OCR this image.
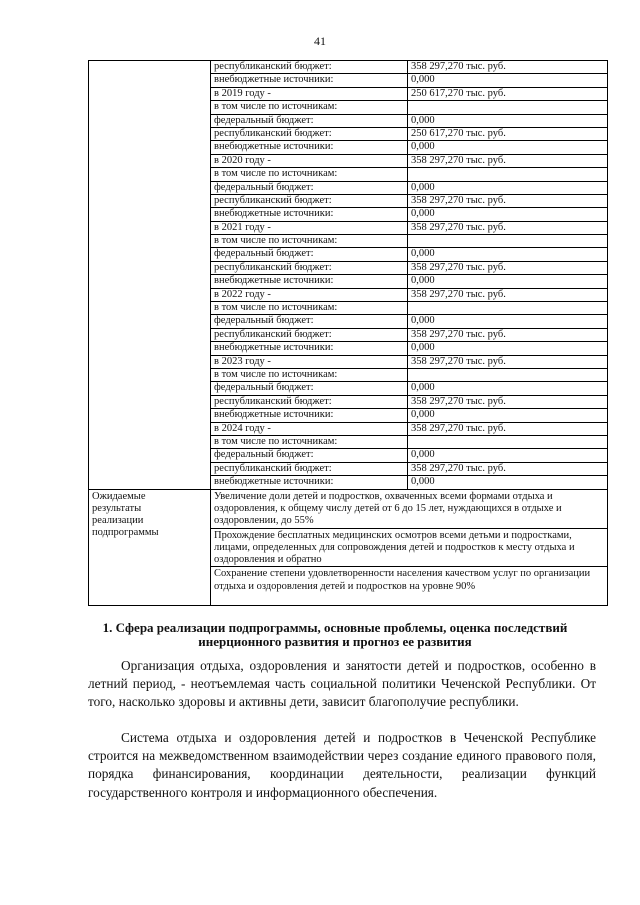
41
	республиканский бюджет:	358 297,270 тыс. руб.
	внебюджетные источники:	0,000
	в 2019 году -	250 617,270 тыс. руб.
	в том числе по источникам:	
	федеральный бюджет:	0,000
	республиканский бюджет:	250 617,270 тыс. руб.
	внебюджетные источники:	0,000
	в 2020 году -	358 297,270 тыс. руб.
	в том числе по источникам:	
	федеральный бюджет:	0,000
	республиканский бюджет:	358 297,270 тыс. руб.
	внебюджетные источники:	0,000
	в 2021 году -	358 297,270 тыс. руб.
	в том числе по источникам:	
	федеральный бюджет:	0,000
	республиканский бюджет:	358 297,270 тыс. руб.
	внебюджетные источники:	0,000
	в 2022 году -	358 297,270 тыс. руб.
	в том числе по источникам:	
	федеральный бюджет:	0,000
	республиканский бюджет:	358 297,270 тыс. руб.
	внебюджетные источники:	0,000
	в 2023 году -	358 297,270 тыс. руб.
	в том числе по источникам:	
	федеральный бюджет:	0,000
	республиканский бюджет:	358 297,270 тыс. руб.
	внебюджетные источники:	0,000
	в 2024 году -	358 297,270 тыс. руб.
	в том числе по источникам:	
	федеральный бюджет:	0,000
	республиканский бюджет:	358 297,270 тыс. руб.
	внебюджетные источники:	0,000
Ожидаемые результаты реализации подпрограммы	Увеличение доли детей и подростков, охваченных всеми формами отдыха и оздоровления, к общему числу детей от 6 до 15 лет, нуждающихся в отдыхе и оздоровлении, до 55%	
	Прохождение бесплатных медицинских осмотров всеми детьми и подростками, лицами, определенных для сопровождения детей и подростков к месту отдыха и оздоровления и обратно	
	Сохранение степени удовлетворенности населения качеством услуг по организации отдыха и оздоровления детей и подростков на уровне 90%	
1. Сфера реализации подпрограммы, основные проблемы, оценка последствий инерционного развития и прогноз ее развития

Организация отдыха, оздоровления и занятости детей и подростков, особенно в летний период, - неотъемлемая часть социальной политики Чеченской Республики. От того, насколько здоровы и активны дети, зависит благополучие республики.

Система отдыха и оздоровления детей и подростков в Чеченской Республике строится на межведомственном взаимодействии через создание единого правового поля, порядка финансирования, координации деятельности, реализации функций государственного контроля и информационного обеспечения.
